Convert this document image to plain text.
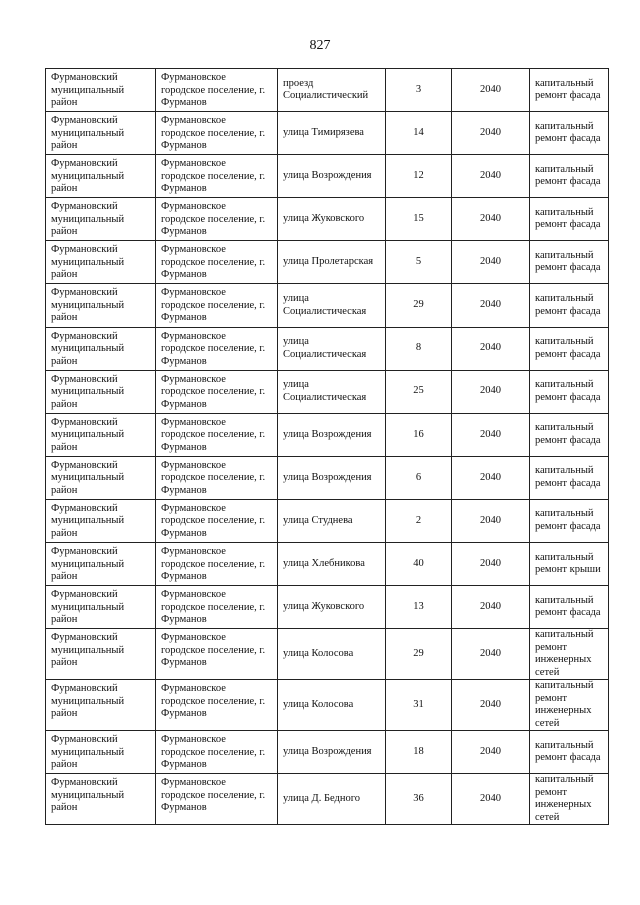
827
Фурмановский муниципальный район	Фурмановское городское поселение, г. Фурманов	проезд Социалистический	3	2040	капитальный ремонт фасада
Фурмановский муниципальный район	Фурмановское городское поселение, г. Фурманов	улица Тимирязева	14	2040	капитальный ремонт фасада
Фурмановский муниципальный район	Фурмановское городское поселение, г. Фурманов	улица Возрождения	12	2040	капитальный ремонт фасада
Фурмановский муниципальный район	Фурмановское городское поселение, г. Фурманов	улица Жуковского	15	2040	капитальный ремонт фасада
Фурмановский муниципальный район	Фурмановское городское поселение, г. Фурманов	улица Пролетарская	5	2040	капитальный ремонт фасада
Фурмановский муниципальный район	Фурмановское городское поселение, г. Фурманов	улица Социалистическая	29	2040	капитальный ремонт фасада
Фурмановский муниципальный район	Фурмановское городское поселение, г. Фурманов	улица Социалистическая	8	2040	капитальный ремонт фасада
Фурмановский муниципальный район	Фурмановское городское поселение, г. Фурманов	улица Социалистическая	25	2040	капитальный ремонт фасада
Фурмановский муниципальный район	Фурмановское городское поселение, г. Фурманов	улица Возрождения	16	2040	капитальный ремонт фасада
Фурмановский муниципальный район	Фурмановское городское поселение, г. Фурманов	улица Возрождения	6	2040	капитальный ремонт фасада
Фурмановский муниципальный район	Фурмановское городское поселение, г. Фурманов	улица Студнева	2	2040	капитальный ремонт фасада
Фурмановский муниципальный район	Фурмановское городское поселение, г. Фурманов	улица Хлебникова	40	2040	капитальный ремонт крыши
Фурмановский муниципальный район	Фурмановское городское поселение, г. Фурманов	улица Жуковского	13	2040	капитальный ремонт фасада
Фурмановский муниципальный район	Фурмановское городское поселение, г. Фурманов	улица Колосова	29	2040	капитальный ремонт инженерных сетей
Фурмановский муниципальный район	Фурмановское городское поселение, г. Фурманов	улица Колосова	31	2040	капитальный ремонт инженерных сетей
Фурмановский муниципальный район	Фурмановское городское поселение, г. Фурманов	улица Возрождения	18	2040	капитальный ремонт фасада
Фурмановский муниципальный район	Фурмановское городское поселение, г. Фурманов	улица Д. Бедного	36	2040	капитальный ремонт инженерных сетей
